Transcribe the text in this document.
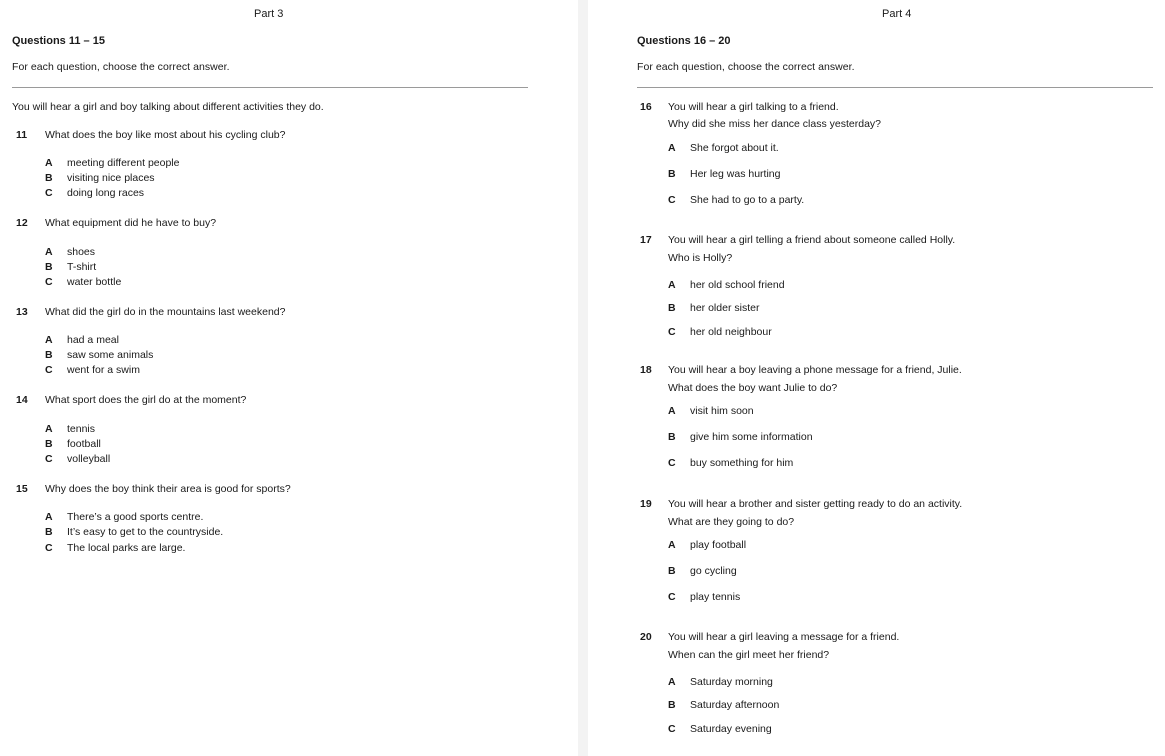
Part 3
Questions 11 – 15
For each question, choose the correct answer.
You will hear a girl and boy talking about different activities they do.
11 What does the boy like most about his cycling club?
A meeting different people
B visiting nice places
C doing long races
12 What equipment did he have to buy?
A shoes
B T-shirt
C water bottle
13 What did the girl do in the mountains last weekend?
A had a meal
B saw some animals
C went for a swim
14 What sport does the girl do at the moment?
A tennis
B football
C volleyball
15 Why does the boy think their area is good for sports?
A There’s a good sports centre.
B It’s easy to get to the countryside.
C The local parks are large.
Part 4
Questions 16 – 20
For each question, choose the correct answer.
16 You will hear a girl talking to a friend.
Why did she miss her dance class yesterday?
A She forgot about it.
B Her leg was hurting
C She had to go to a party.
17 You will hear a girl telling a friend about someone called Holly.
Who is Holly?
A her old school friend
B her older sister
C her old neighbour
18 You will hear a boy leaving a phone message for a friend, Julie.
What does the boy want Julie to do?
A visit him soon
B give him some information
C buy something for him
19 You will hear a brother and sister getting ready to do an activity.
What are they going to do?
A play football
B go cycling
C play tennis
20 You will hear a girl leaving a message for a friend.
When can the girl meet her friend?
A Saturday morning
B Saturday afternoon
C Saturday evening
